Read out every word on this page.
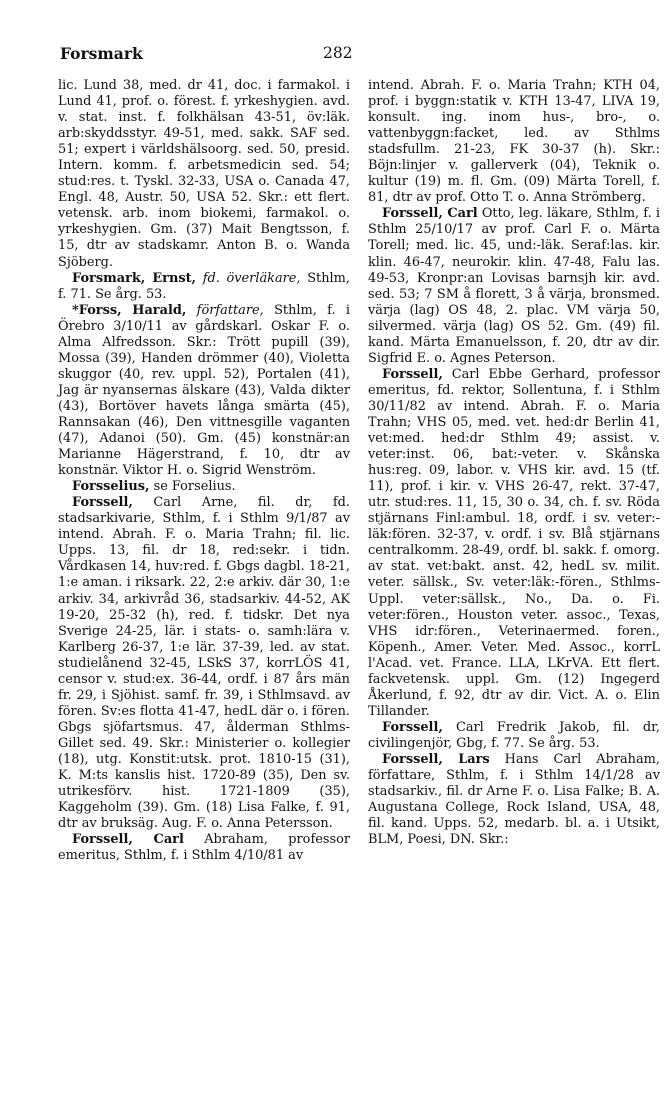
Forsmark	282

lic. Lund 38, med. dr 41, doc. i farmakol. i Lund 41, prof. o. förest. f. yrkeshygien. avd. v. stat. inst. f. folkhälsan 43-51, öv:läk. arb:skyddsstyr. 49-51, med. sakk. SAF sed. 51; expert i världshälsoorg. sed. 50, presid. Intern. komm. f. arbetsmedicin sed. 54; stud:res. t. Tyskl. 32-33, USA o. Canada 47, Engl. 48, Austr. 50, USA 52. Skr.: ett flert. vetensk. arb. inom biokemi, farmakol. o. yrkeshygien. Gm. (37) Mait Bengtsson, f. 15, dtr av stadskamr. Anton B. o. Wanda Sjöberg.

Forsmark, Ernst, fd. överläkare, Sthlm, f. 71. Se årg. 53.

*Forss, Harald, författare, Sthlm, f. i Örebro 3/10/11 av gårdskarl. Oskar F. o. Alma Alfredsson. Skr.: Trött pupill (39), Mossa (39), Handen drömmer (40), Violetta skuggor (40, rev. uppl. 52), Portalen (41), Jag är nyansernas älskare (43), Valda dikter (43), Bortöver havets långa smärta (45), Rannsakan (46), Den vittnesgille vaganten (47), Adanoi (50). Gm. (45) konstnär:an Marianne Hägerstrand, f. 10, dtr av konstnär. Viktor H. o. Sigrid Wenström.

Forsselius, se Forselius.

Forssell, Carl Arne, fil. dr, fd. stadsarkivarie, Sthlm, f. i Sthlm 9/1/87 av intend. Abrah. F. o. Maria Trahn; fil. lic. Upps. 13, fil. dr 18, red:sekr. i tidn. Vårdkasen 14, huv:red. f. Gbgs dagbl. 18-21, 1:e aman. i riksark. 22, 2:e arkiv. där 30, 1:e arkiv. 34, arkivråd 36, stadsarkiv. 44-52, AK 19-20, 25-32 (h), red. f. tidskr. Det nya Sverige 24-25, lär. i stats- o. samh:lära v. Karlberg 26-37, 1:e lär. 37-39, led. av stat. studielånend 32-45, LSkS 37, korrLÖS 41, censor v. stud:ex. 36-44, ordf. i 87 års män fr. 29, i Sjöhist. samf. fr. 39, i Sthlmsavd. av fören. Sv:es flotta 41-47, hedL där o. i fören. Gbgs sjöfartsmus. 47, ålderman Sthlms-Gillet sed. 49. Skr.: Ministerier o. kollegier (18), utg. Konstit:utsk. prot. 1810-15 (31), K. M:ts kanslis hist. 1720-89 (35), Den sv. utrikesförv. hist. 1721-1809 (35), Kaggeholm (39). Gm. (18) Lisa Falke, f. 91, dtr av bruksäg. Aug. F. o. Anna Petersson.

Forssell, Carl Abraham, professor emeritus, Sthlm, f. i Sthlm 4/10/81 av

intend. Abrah. F. o. Maria Trahn; KTH 04, prof. i byggn:statik v. KTH 13-47, LIVA 19, konsult. ing. inom hus-, bro-, o. vattenbyggn:facket, led. av Sthlms stadsfullm. 21-23, FK 30-37 (h). Skr.: Böjn:linjer v. gallerverk (04), Teknik o. kultur (19) m. fl. Gm. (09) Märta Torell, f. 81, dtr av prof. Otto T. o. Anna Strömberg.

Forssell, Carl Otto, leg. läkare, Sthlm, f. i Sthlm 25/10/17 av prof. Carl F. o. Märta Torell; med. lic. 45, und:-läk. Seraf:las. kir. klin. 46-47, neurokir. klin. 47-48, Falu las. 49-53, Kronpr:an Lovisas barnsjh kir. avd. sed. 53; 7 SM å florett, 3 å värja, bronsmed. värja (lag) OS 48, 2. plac. VM värja 50, silvermed. värja (lag) OS 52. Gm. (49) fil. kand. Märta Emanuelsson, f. 20, dtr av dir. Sigfrid E. o. Agnes Peterson.

Forssell, Carl Ebbe Gerhard, professor emeritus, fd. rektor, Sollentuna, f. i Sthlm 30/11/82 av intend. Abrah. F. o. Maria Trahn; VHS 05, med. vet. hed:dr Berlin 41, vet:med. hed:dr Sthlm 49; assist. v. veter:inst. 06, bat:-veter. v. Skånska hus:reg. 09, labor. v. VHS kir. avd. 15 (tf. 11), prof. i kir. v. VHS 26-47, rekt. 37-47, utr. stud:res. 11, 15, 30 o. 34, ch. f. sv. Röda stjärnans Finl:ambul. 18, ordf. i sv. veter:-läk:fören. 32-37, v. ordf. i sv. Blå stjärnans centralkomm. 28-49, ordf. bl. sakk. f. omorg. av stat. vet:bakt. anst. 42, hedL sv. milit. veter. sällsk., Sv. veter:läk:-fören., Sthlms-Uppl. veter:sällsk., No., Da. o. Fi. veter:fören., Houston veter. assoc., Texas, VHS idr:fören., Veterinaermed. foren., Köpenh., Amer. Veter. Med. Assoc., korrL l'Acad. vet. France. LLA, LKrVA. Ett flert. fackvetensk. uppl. Gm. (12) Ingegerd Åkerlund, f. 92, dtr av dir. Vict. A. o. Elin Tillander.

Forssell, Carl Fredrik Jakob, fil. dr, civilingenjör, Gbg, f. 77. Se årg. 53.

Forssell, Lars Hans Carl Abraham, författare, Sthlm, f. i Sthlm 14/1/28 av stadsarkiv., fil. dr Arne F. o. Lisa Falke; B. A. Augustana College, Rock Island, USA, 48, fil. kand. Upps. 52, medarb. bl. a. i Utsikt, BLM, Poesi, DN. Skr.:
